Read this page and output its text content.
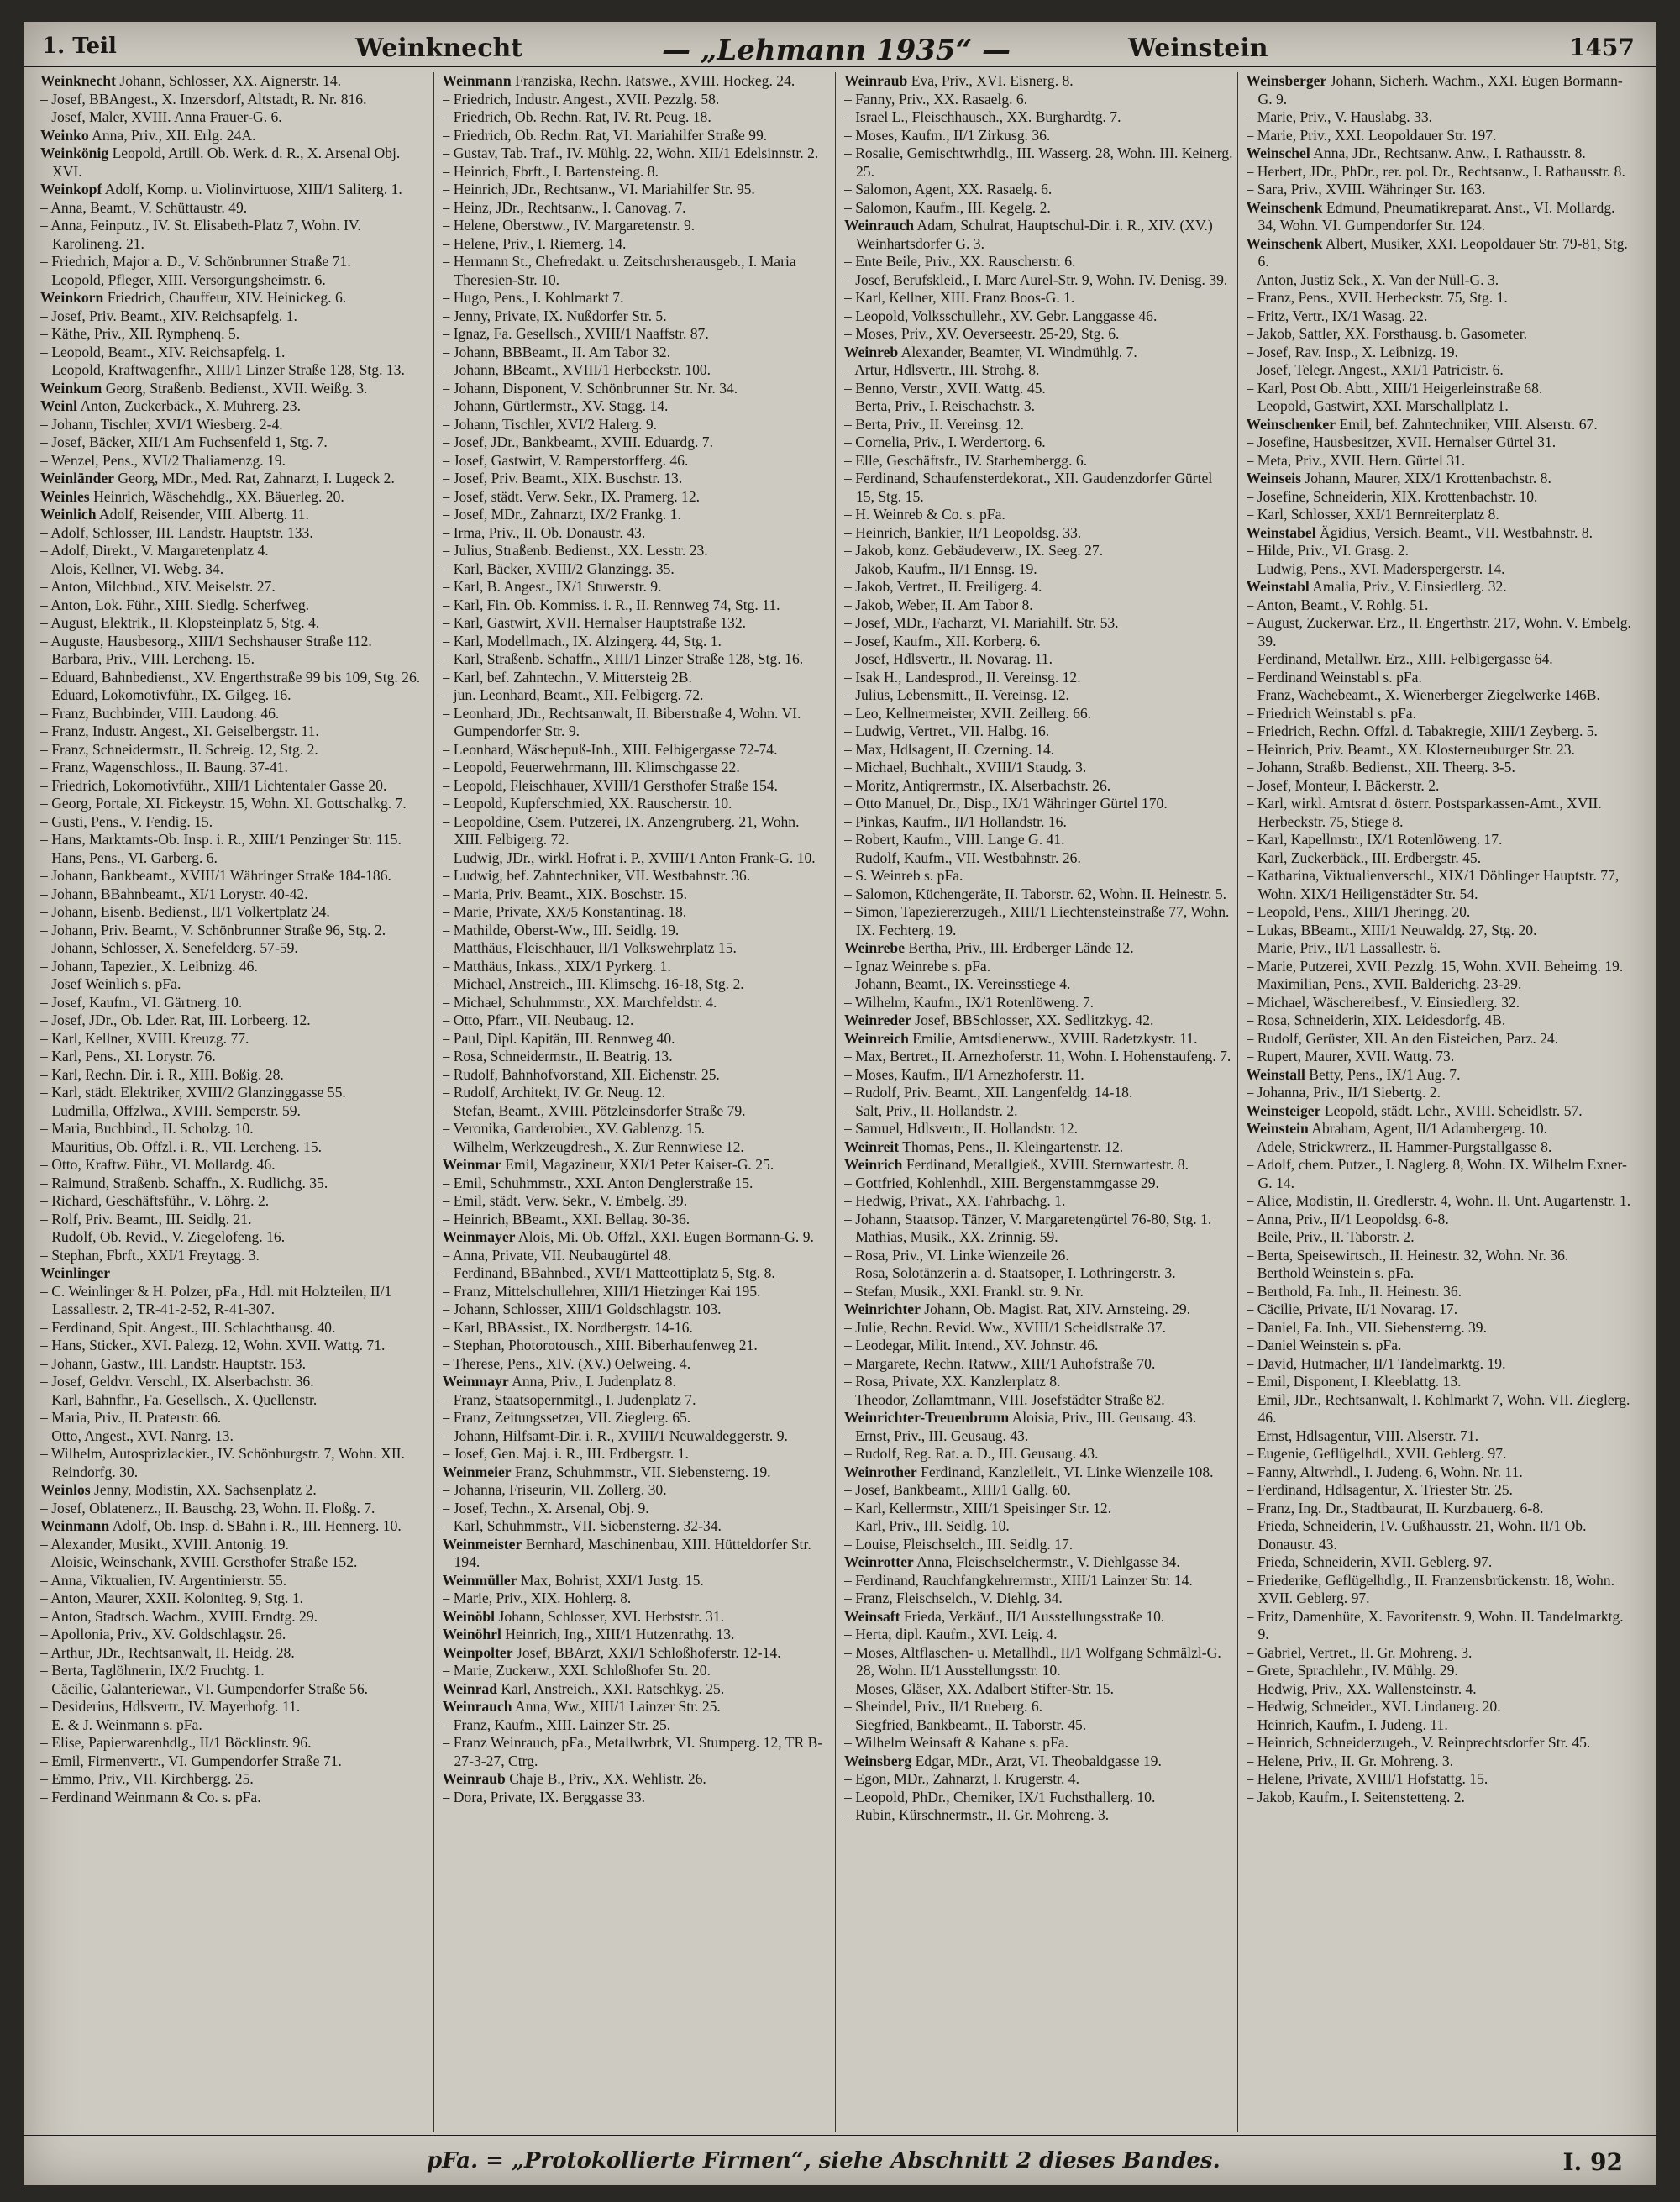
1. Teil	Weinknecht	— „Lehmann 1935“ —	Weinstein	1457

Weinknecht Johann, Schlosser, XX. Aignerstr. 14.

– Josef, BBAngest., X. Inzersdorf, Altstadt, R. Nr. 816.

– Josef, Maler, XVIII. Anna Frauer-G. 6.

Weinko Anna, Priv., XII. Erlg. 24A.

Weinkönig Leopold, Artill. Ob. Werk. d. R., X. Arsenal Obj. XVI.

Weinkopf Adolf, Komp. u. Violinvirtuose, XIII/1 Saliterg. 1.

– Anna, Beamt., V. Schüttaustr. 49.

– Anna, Feinputz., IV. St. Elisabeth-Platz 7, Wohn. IV. Karolineng. 21.

– Friedrich, Major a. D., V. Schönbrunner Straße 71.

– Leopold, Pfleger, XIII. Versorgungsheimstr. 6.

Weinkorn Friedrich, Chauffeur, XIV. Heinickeg. 6.

– Josef, Priv. Beamt., XIV. Reichsapfelg. 1.

– Käthe, Priv., XII. Rymphenq. 5.

– Leopold, Beamt., XIV. Reichsapfelg. 1.

– Leopold, Kraftwagenfhr., XIII/1 Linzer Straße 128, Stg. 13.

Weinkum Georg, Straßenb. Bedienst., XVII. Weißg. 3.

Weinl Anton, Zuckerbäck., X. Muhrerg. 23.

– Johann, Tischler, XVI/1 Wiesberg. 2-4.

– Josef, Bäcker, XII/1 Am Fuchsenfeld 1, Stg. 7.

– Wenzel, Pens., XVI/2 Thaliamenzg. 19.

Weinländer Georg, MDr., Med. Rat, Zahnarzt, I. Lugeck 2.

Weinles Heinrich, Wäschehdlg., XX. Bäuerleg. 20.

Weinlich Adolf, Reisender, VIII. Albertg. 11.

– Adolf, Schlosser, III. Landstr. Hauptstr. 133.

– Adolf, Direkt., V. Margaretenplatz 4.

– Alois, Kellner, VI. Webg. 34.

– Anton, Milchbud., XIV. Meiselstr. 27.

– Anton, Lok. Führ., XIII. Siedlg. Scherfweg.

– August, Elektrik., II. Klopsteinplatz 5, Stg. 4.

– Auguste, Hausbesorg., XIII/1 Sechshauser Straße 112.

– Barbara, Priv., VIII. Lercheng. 15.

– Eduard, Bahnbedienst., XV. Engerthstraße 99 bis 109, Stg. 26.

– Eduard, Lokomotivführ., IX. Gilgeg. 16.

– Franz, Buchbinder, VIII. Laudong. 46.

– Franz, Industr. Angest., XI. Geiselbergstr. 11.

– Franz, Schneidermstr., II. Schreig. 12, Stg. 2.

– Franz, Wagenschloss., II. Baung. 37-41.

– Friedrich, Lokomotivführ., XIII/1 Lichtentaler Gasse 20.

– Georg, Portale, XI. Fickeystr. 15, Wohn. XI. Gottschalkg. 7.

– Gusti, Pens., V. Fendig. 15.

– Hans, Marktamts-Ob. Insp. i. R., XIII/1 Penzinger Str. 115.

– Hans, Pens., VI. Garberg. 6.

– Johann, Bankbeamt., XVIII/1 Währinger Straße 184-186.

– Johann, BBahnbeamt., XI/1 Lorystr. 40-42.

– Johann, Eisenb. Bedienst., II/1 Volkertplatz 24.

– Johann, Priv. Beamt., V. Schönbrunner Straße 96, Stg. 2.

– Johann, Schlosser, X. Senefelderg. 57-59.

– Johann, Tapezier., X. Leibnizg. 46.

– Josef Weinlich s. pFa.

– Josef, Kaufm., VI. Gärtnerg. 10.

– Josef, JDr., Ob. Lder. Rat, III. Lorbeerg. 12.

– Karl, Kellner, XVIII. Kreuzg. 77.

– Karl, Pens., XI. Lorystr. 76.

– Karl, Rechn. Dir. i. R., XIII. Boßig. 28.

– Karl, städt. Elektriker, XVIII/2 Glanzinggasse 55.

– Ludmilla, Offzlwa., XVIII. Semperstr. 59.

– Maria, Buchbind., II. Scholzg. 10.

– Mauritius, Ob. Offzl. i. R., VII. Lercheng. 15.

– Otto, Kraftw. Führ., VI. Mollardg. 46.

– Raimund, Straßenb. Schaffn., X. Rudlichg. 35.

– Richard, Geschäftsführ., V. Löhrg. 2.

– Rolf, Priv. Beamt., III. Seidlg. 21.

– Rudolf, Ob. Revid., V. Ziegelofeng. 16.

– Stephan, Fbrft., XXI/1 Freytagg. 3.

Weinlinger

– C. Weinlinger & H. Polzer, pFa., Hdl. mit Holzteilen, II/1 Lassallestr. 2, TR-41-2-52, R-41-307.

– Ferdinand, Spit. Angest., III. Schlachthausg. 40.

– Hans, Sticker., XVI. Palezg. 12, Wohn. XVII. Wattg. 71.

– Johann, Gastw., III. Landstr. Hauptstr. 153.

– Josef, Geldvr. Verschl., IX. Alserbachstr. 36.

– Karl, Bahnfhr., Fa. Gesellsch., X. Quellenstr.

– Maria, Priv., II. Praterstr. 66.

– Otto, Angest., XVI. Nanrg. 13.

– Wilhelm, Autosprizlackier., IV. Schönburgstr. 7, Wohn. XII. Reindorfg. 30.

Weinlos Jenny, Modistin, XX. Sachsenplatz 2.

– Josef, Oblatenerz., II. Bauschg. 23, Wohn. II. Floßg. 7.

Weinmann Adolf, Ob. Insp. d. SBahn i. R., III. Hennerg. 10.

– Alexander, Musikt., XVIII. Antonig. 19.

– Aloisie, Weinschank, XVIII. Gersthofer Straße 152.

– Anna, Viktualien, IV. Argentinierstr. 55.

– Anton, Maurer, XXII. Koloniteg. 9, Stg. 1.

– Anton, Stadtsch. Wachm., XVIII. Erndtg. 29.

– Apollonia, Priv., XV. Goldschlagstr. 26.

– Arthur, JDr., Rechtsanwalt, II. Heidg. 28.

– Berta, Taglöhnerin, IX/2 Fruchtg. 1.

– Cäcilie, Galanteriewar., VI. Gumpendorfer Straße 56.

– Desiderius, Hdlsvertr., IV. Mayerhofg. 11.

– E. & J. Weinmann s. pFa.

– Elise, Papierwarenhdlg., II/1 Böcklinstr. 96.

– Emil, Firmenvertr., VI. Gumpendorfer Straße 71.

– Emmo, Priv., VII. Kirchbergg. 25.

– Ferdinand Weinmann & Co. s. pFa.

Weinmann Franziska, Rechn. Ratswe., XVIII. Hockeg. 24.

– Friedrich, Industr. Angest., XVII. Pezzlg. 58.

– Friedrich, Ob. Rechn. Rat, IV. Rt. Peug. 18.

– Friedrich, Ob. Rechn. Rat, VI. Mariahilfer Straße 99.

– Gustav, Tab. Traf., IV. Mühlg. 22, Wohn. XII/1 Edelsinnstr. 2.

– Heinrich, Fbrft., I. Bartensteing. 8.

– Heinrich, JDr., Rechtsanw., VI. Mariahilfer Str. 95.

– Heinz, JDr., Rechtsanw., I. Canovag. 7.

– Helene, Oberstww., IV. Margaretenstr. 9.

– Helene, Priv., I. Riemerg. 14.

– Hermann St., Chefredakt. u. Zeitschrsherausgeb., I. Maria Theresien-Str. 10.

– Hugo, Pens., I. Kohlmarkt 7.

– Jenny, Private, IX. Nußdorfer Str. 5.

– Ignaz, Fa. Gesellsch., XVIII/1 Naaffstr. 87.

– Johann, BBBeamt., II. Am Tabor 32.

– Johann, BBeamt., XVIII/1 Herbeckstr. 100.

– Johann, Disponent, V. Schönbrunner Str. Nr. 34.

– Johann, Gürtlermstr., XV. Stagg. 14.

– Johann, Tischler, XVI/2 Halerg. 9.

– Josef, JDr., Bankbeamt., XVIII. Eduardg. 7.

– Josef, Gastwirt, V. Ramperstorfferg. 46.

– Josef, Priv. Beamt., XIX. Buschstr. 13.

– Josef, städt. Verw. Sekr., IX. Pramerg. 12.

– Josef, MDr., Zahnarzt, IX/2 Frankg. 1.

– Irma, Priv., II. Ob. Donaustr. 43.

– Julius, Straßenb. Bedienst., XX. Lesstr. 23.

– Karl, Bäcker, XVIII/2 Glanzingg. 35.

– Karl, B. Angest., IX/1 Stuwerstr. 9.

– Karl, Fin. Ob. Kommiss. i. R., II. Rennweg 74, Stg. 11.

– Karl, Gastwirt, XVII. Hernalser Hauptstraße 132.

– Karl, Modellmach., IX. Alzingerg. 44, Stg. 1.

– Karl, Straßenb. Schaffn., XIII/1 Linzer Straße 128, Stg. 16.

– Karl, bef. Zahntechn., V. Mittersteig 2B.

– jun. Leonhard, Beamt., XII. Felbigerg. 72.

– Leonhard, JDr., Rechtsanwalt, II. Biberstraße 4, Wohn. VI. Gumpendorfer Str. 9.

– Leonhard, Wäschepuß-Inh., XIII. Felbigergasse 72-74.

– Leopold, Feuerwehrmann, III. Klimschgasse 22.

– Leopold, Fleischhauer, XVIII/1 Gersthofer Straße 154.

– Leopold, Kupferschmied, XX. Rauscherstr. 10.

– Leopoldine, Csem. Putzerei, IX. Anzengruberg. 21, Wohn. XIII. Felbigerg. 72.

– Ludwig, JDr., wirkl. Hofrat i. P., XVIII/1 Anton Frank-G. 10.

– Ludwig, bef. Zahntechniker, VII. Westbahnstr. 36.

– Maria, Priv. Beamt., XIX. Boschstr. 15.

– Marie, Private, XX/5 Konstantinag. 18.

– Mathilde, Oberst-Ww., III. Seidlg. 19.

– Matthäus, Fleischhauer, II/1 Volkswehrplatz 15.

– Matthäus, Inkass., XIX/1 Pyrkerg. 1.

– Michael, Anstreich., III. Klimschg. 16-18, Stg. 2.

– Michael, Schuhmmstr., XX. Marchfeldstr. 4.

– Otto, Pfarr., VII. Neubaug. 12.

– Paul, Dipl. Kapitän, III. Rennweg 40.

– Rosa, Schneidermstr., II. Beatrig. 13.

– Rudolf, Bahnhofvorstand, XII. Eichenstr. 25.

– Rudolf, Architekt, IV. Gr. Neug. 12.

– Stefan, Beamt., XVIII. Pötzleinsdorfer Straße 79.

– Veronika, Garderobier., XV. Gablenzg. 15.

– Wilhelm, Werkzeugdresh., X. Zur Rennwiese 12.

Weinmar Emil, Magazineur, XXI/1 Peter Kaiser-G. 25.

– Emil, Schuhmmstr., XXI. Anton Denglerstraße 15.

– Emil, städt. Verw. Sekr., V. Embelg. 39.

– Heinrich, BBeamt., XXI. Bellag. 30-36.

Weinmayer Alois, Mi. Ob. Offzl., XXI. Eugen Bormann-G. 9.

– Anna, Private, VII. Neubaugürtel 48.

– Ferdinand, BBahnbed., XVI/1 Matteottiplatz 5, Stg. 8.

– Franz, Mittelschullehrer, XIII/1 Hietzinger Kai 195.

– Johann, Schlosser, XIII/1 Goldschlagstr. 103.

– Karl, BBAssist., IX. Nordbergstr. 14-16.

– Stephan, Photorotousch., XIII. Biberhaufenweg 21.

– Therese, Pens., XIV. (XV.) Oelweing. 4.

Weinmayr Anna, Priv., I. Judenplatz 8.

– Franz, Staatsopernmitgl., I. Judenplatz 7.

– Franz, Zeitungssetzer, VII. Zieglerg. 65.

– Johann, Hilfsamt-Dir. i. R., XVIII/1 Neuwaldeggerstr. 9.

– Josef, Gen. Maj. i. R., III. Erdbergstr. 1.

Weinmeier Franz, Schuhmmstr., VII. Siebensterng. 19.

– Johanna, Friseurin, VII. Zollerg. 30.

– Josef, Techn., X. Arsenal, Obj. 9.

– Karl, Schuhmmstr., VII. Siebensterng. 32-34.

Weinmeister Bernhard, Maschinenbau, XIII. Hütteldorfer Str. 194.

Weinmüller Max, Bohrist, XXI/1 Justg. 15.

– Marie, Priv., XIX. Hohlerg. 8.

Weinöbl Johann, Schlosser, XVI. Herbststr. 31.

Weinöhrl Heinrich, Ing., XIII/1 Hutzenrathg. 13.

Weinpolter Josef, BBArzt, XXI/1 Schloßhoferstr. 12-14.

– Marie, Zuckerw., XXI. Schloßhofer Str. 20.

Weinrad Karl, Anstreich., XXI. Ratschkyg. 25.

Weinrauch Anna, Ww., XIII/1 Lainzer Str. 25.

– Franz, Kaufm., XIII. Lainzer Str. 25.

– Franz Weinrauch, pFa., Metallwrbrk, VI. Stumperg. 12, TR B-27-3-27, Ctrg.

Weinraub Chaje B., Priv., XX. Wehlistr. 26.

– Dora, Private, IX. Berggasse 33.

Weinraub Eva, Priv., XVI. Eisnerg. 8.

– Fanny, Priv., XX. Rasaelg. 6.

– Israel L., Fleischhausch., XX. Burghardtg. 7.

– Moses, Kaufm., II/1 Zirkusg. 36.

– Rosalie, Gemischtwrhdlg., III. Wasserg. 28, Wohn. III. Keinerg. 25.

– Salomon, Agent, XX. Rasaelg. 6.

– Salomon, Kaufm., III. Kegelg. 2.

Weinrauch Adam, Schulrat, Hauptschul-Dir. i. R., XIV. (XV.) Weinhartsdorfer G. 3.

– Ente Beile, Priv., XX. Rauscherstr. 6.

– Josef, Berufskleid., I. Marc Aurel-Str. 9, Wohn. IV. Denisg. 39.

– Karl, Kellner, XIII. Franz Boos-G. 1.

– Leopold, Volksschullehr., XV. Gebr. Langgasse 46.

– Moses, Priv., XV. Oeverseestr. 25-29, Stg. 6.

Weinreb Alexander, Beamter, VI. Windmühlg. 7.

– Artur, Hdlsvertr., III. Strohg. 8.

– Benno, Verstr., XVII. Wattg. 45.

– Berta, Priv., I. Reischachstr. 3.

– Berta, Priv., II. Vereinsg. 12.

– Cornelia, Priv., I. Werdertorg. 6.

– Elle, Geschäftsfr., IV. Starhembergg. 6.

– Ferdinand, Schaufensterdekorat., XII. Gaudenzdorfer Gürtel 15, Stg. 15.

– H. Weinreb & Co. s. pFa.

– Heinrich, Bankier, II/1 Leopoldsg. 33.

– Jakob, konz. Gebäudeverw., IX. Seeg. 27.

– Jakob, Kaufm., II/1 Ennsg. 19.

– Jakob, Vertret., II. Freiligerg. 4.

– Jakob, Weber, II. Am Tabor 8.

– Josef, MDr., Facharzt, VI. Mariahilf. Str. 53.

– Josef, Kaufm., XII. Korberg. 6.

– Josef, Hdlsvertr., II. Novarag. 11.

– Isak H., Landesprod., II. Vereinsg. 12.

– Julius, Lebensmitt., II. Vereinsg. 12.

– Leo, Kellnermeister, XVII. Zeillerg. 66.

– Ludwig, Vertret., VII. Halbg. 16.

– Max, Hdlsagent, II. Czerning. 14.

– Michael, Buchhalt., XVIII/1 Staudg. 3.

– Moritz, Antiqrermstr., IX. Alserbachstr. 26.

– Otto Manuel, Dr., Disp., IX/1 Währinger Gürtel 170.

– Pinkas, Kaufm., II/1 Hollandstr. 16.

– Robert, Kaufm., VIII. Lange G. 41.

– Rudolf, Kaufm., VII. Westbahnstr. 26.

– S. Weinreb s. pFa.

– Salomon, Küchengeräte, II. Taborstr. 62, Wohn. II. Heinestr. 5.

– Simon, Tapeziererzugeh., XIII/1 Liechtensteinstraße 77, Wohn. IX. Fechterg. 19.

Weinrebe Bertha, Priv., III. Erdberger Lände 12.

– Ignaz Weinrebe s. pFa.

– Johann, Beamt., IX. Vereinsstiege 4.

– Wilhelm, Kaufm., IX/1 Rotenlöweng. 7.

Weinreder Josef, BBSchlosser, XX. Sedlitzkyg. 42.

Weinreich Emilie, Amtsdienerww., XVIII. Radetzkystr. 11.

– Max, Bertret., II. Arnezhoferstr. 11, Wohn. I. Hohenstaufeng. 7.

– Moses, Kaufm., II/1 Arnezhoferstr. 11.

– Rudolf, Priv. Beamt., XII. Langenfeldg. 14-18.

– Salt, Priv., II. Hollandstr. 2.

– Samuel, Hdlsvertr., II. Hollandstr. 12.

Weinreit Thomas, Pens., II. Kleingartenstr. 12.

Weinrich Ferdinand, Metallgieß., XVIII. Sternwartestr. 8.

– Gottfried, Kohlenhdl., XIII. Bergenstammgasse 29.

– Hedwig, Privat., XX. Fahrbachg. 1.

– Johann, Staatsop. Tänzer, V. Margaretengürtel 76-80, Stg. 1.

– Mathias, Musik., XX. Zrinnig. 59.

– Rosa, Priv., VI. Linke Wienzeile 26.

– Rosa, Solotänzerin a. d. Staatsoper, I. Lothringerstr. 3.

– Stefan, Musik., XXI. Frankl. str. 9. Nr.

Weinrichter Johann, Ob. Magist. Rat, XIV. Arnsteing. 29.

– Julie, Rechn. Revid. Ww., XVIII/1 Scheidlstraße 37.

– Leodegar, Milit. Intend., XV. Johnstr. 46.

– Margarete, Rechn. Ratww., XIII/1 Auhofstraße 70.

– Rosa, Private, XX. Kanzlerplatz 8.

– Theodor, Zollamtmann, VIII. Josefstädter Straße 82.

Weinrichter-Treuenbrunn Aloisia, Priv., III. Geusaug. 43.

– Ernst, Priv., III. Geusaug. 43.

– Rudolf, Reg. Rat. a. D., III. Geusaug. 43.

Weinrother Ferdinand, Kanzleileit., VI. Linke Wienzeile 108.

– Josef, Bankbeamt., XIII/1 Gallg. 60.

– Karl, Kellermstr., XIII/1 Speisinger Str. 12.

– Karl, Priv., III. Seidlg. 10.

– Louise, Fleischselch., III. Seidlg. 17.

Weinrotter Anna, Fleischselchermstr., V. Diehlgasse 34.

– Ferdinand, Rauchfangkehrermstr., XIII/1 Lainzer Str. 14.

– Franz, Fleischselch., V. Diehlg. 34.

Weinsaft Frieda, Verkäuf., II/1 Ausstellungsstraße 10.

– Herta, dipl. Kaufm., XVI. Leig. 4.

– Moses, Altflaschen- u. Metallhdl., II/1 Wolfgang Schmälzl-G. 28, Wohn. II/1 Ausstellungsstr. 10.

– Moses, Gläser, XX. Adalbert Stifter-Str. 15.

– Sheindel, Priv., II/1 Rueberg. 6.

– Siegfried, Bankbeamt., II. Taborstr. 45.

– Wilhelm Weinsaft & Kahane s. pFa.

Weinsberg Edgar, MDr., Arzt, VI. Theobaldgasse 19.

– Egon, MDr., Zahnarzt, I. Krugerstr. 4.

– Leopold, PhDr., Chemiker, IX/1 Fuchsthallerg. 10.

– Rubin, Kürschnermstr., II. Gr. Mohreng. 3.

Weinsberger Johann, Sicherh. Wachm., XXI. Eugen Bormann-G. 9.

– Marie, Priv., V. Hauslabg. 33.

– Marie, Priv., XXI. Leopoldauer Str. 197.

Weinschel Anna, JDr., Rechtsanw. Anw., I. Rathausstr. 8.

– Herbert, JDr., PhDr., rer. pol. Dr., Rechtsanw., I. Rathausstr. 8.

– Sara, Priv., XVIII. Währinger Str. 163.

Weinschenk Edmund, Pneumatikreparat. Anst., VI. Mollardg. 34, Wohn. VI. Gumpendorfer Str. 124.

Weinschenk Albert, Musiker, XXI. Leopoldauer Str. 79-81, Stg. 6.

– Anton, Justiz Sek., X. Van der Nüll-G. 3.

– Franz, Pens., XVII. Herbeckstr. 75, Stg. 1.

– Fritz, Vertr., IX/1 Wasag. 22.

– Jakob, Sattler, XX. Forsthausg. b. Gasometer.

– Josef, Rav. Insp., X. Leibnizg. 19.

– Josef, Telegr. Angest., XXI/1 Patricistr. 6.

– Karl, Post Ob. Abtt., XIII/1 Heigerleinstraße 68.

– Leopold, Gastwirt, XXI. Marschallplatz 1.

Weinschenker Emil, bef. Zahntechniker, VIII. Alserstr. 67.

– Josefine, Hausbesitzer, XVII. Hernalser Gürtel 31.

– Meta, Priv., XVII. Hern. Gürtel 31.

Weinseis Johann, Maurer, XIX/1 Krottenbachstr. 8.

– Josefine, Schneiderin, XIX. Krottenbachstr. 10.

– Karl, Schlosser, XXI/1 Bernreiterplatz 8.

Weinstabel Ägidius, Versich. Beamt., VII. Westbahnstr. 8.

– Hilde, Priv., VI. Grasg. 2.

– Ludwig, Pens., XVI. Maderspergerstr. 14.

Weinstabl Amalia, Priv., V. Einsiedlerg. 32.

– Anton, Beamt., V. Rohlg. 51.

– August, Zuckerwar. Erz., II. Engerthstr. 217, Wohn. V. Embelg. 39.

– Ferdinand, Metallwr. Erz., XIII. Felbigergasse 64.

– Ferdinand Weinstabl s. pFa.

– Franz, Wachebeamt., X. Wienerberger Ziegelwerke 146B.

– Friedrich Weinstabl s. pFa.

– Friedrich, Rechn. Offzl. d. Tabakregie, XIII/1 Zeyberg. 5.

– Heinrich, Priv. Beamt., XX. Klosterneuburger Str. 23.

– Johann, Straßb. Bedienst., XII. Theerg. 3-5.

– Josef, Monteur, I. Bäckerstr. 2.

– Karl, wirkl. Amtsrat d. österr. Postsparkassen-Amt., XVII. Herbeckstr. 75, Stiege 8.

– Karl, Kapellmstr., IX/1 Rotenlöweng. 17.

– Karl, Zuckerbäck., III. Erdbergstr. 45.

– Katharina, Viktualienverschl., XIX/1 Döblinger Hauptstr. 77, Wohn. XIX/1 Heiligenstädter Str. 54.

– Leopold, Pens., XIII/1 Jheringg. 20.

– Lukas, BBeamt., XIII/1 Neuwaldg. 27, Stg. 20.

– Marie, Priv., II/1 Lassallestr. 6.

– Marie, Putzerei, XVII. Pezzlg. 15, Wohn. XVII. Beheimg. 19.

– Maximilian, Pens., XVII. Balderichg. 23-29.

– Michael, Wäschereibesf., V. Einsiedlerg. 32.

– Rosa, Schneiderin, XIX. Leidesdorfg. 4B.

– Rudolf, Gerüster, XII. An den Eisteichen, Parz. 24.

– Rupert, Maurer, XVII. Wattg. 73.

Weinstall Betty, Pens., IX/1 Aug. 7.

– Johanna, Priv., II/1 Siebertg. 2.

Weinsteiger Leopold, städt. Lehr., XVIII. Scheidlstr. 57.

Weinstein Abraham, Agent, II/1 Adambergerg. 10.

– Adele, Strickwrerz., II. Hammer-Purgstallgasse 8.

– Adolf, chem. Putzer., I. Naglerg. 8, Wohn. IX. Wilhelm Exner-G. 14.

– Alice, Modistin, II. Gredlerstr. 4, Wohn. II. Unt. Augartenstr. 1.

– Anna, Priv., II/1 Leopoldsg. 6-8.

– Beile, Priv., II. Taborstr. 2.

– Berta, Speisewirtsch., II. Heinestr. 32, Wohn. Nr. 36.

– Berthold Weinstein s. pFa.

– Berthold, Fa. Inh., II. Heinestr. 36.

– Cäcilie, Private, II/1 Novarag. 17.

– Daniel, Fa. Inh., VII. Siebensterng. 39.

– Daniel Weinstein s. pFa.

– David, Hutmacher, II/1 Tandelmarktg. 19.

– Emil, Disponent, I. Kleeblattg. 13.

– Emil, JDr., Rechtsanwalt, I. Kohlmarkt 7, Wohn. VII. Zieglerg. 46.

– Ernst, Hdlsagentur, VIII. Alserstr. 71.

– Eugenie, Geflügelhdl., XVII. Geblerg. 97.

– Fanny, Altwrhdl., I. Judeng. 6, Wohn. Nr. 11.

– Ferdinand, Hdlsagentur, X. Triester Str. 25.

– Franz, Ing. Dr., Stadtbaurat, II. Kurzbauerg. 6-8.

– Frieda, Schneiderin, IV. Gußhausstr. 21, Wohn. II/1 Ob. Donaustr. 43.

– Frieda, Schneiderin, XVII. Geblerg. 97.

– Friederike, Geflügelhdlg., II. Franzensbrückenstr. 18, Wohn. XVII. Geblerg. 97.

– Fritz, Damenhüte, X. Favoritenstr. 9, Wohn. II. Tandelmarktg. 9.

– Gabriel, Vertret., II. Gr. Mohreng. 3.

– Grete, Sprachlehr., IV. Mühlg. 29.

– Hedwig, Priv., XX. Wallensteinstr. 4.

– Hedwig, Schneider., XVI. Lindauerg. 20.

– Heinrich, Kaufm., I. Judeng. 11.

– Heinrich, Schneiderzugeh., V. Reinprechtsdorfer Str. 45.

– Helene, Priv., II. Gr. Mohreng. 3.

– Helene, Private, XVIII/1 Hofstattg. 15.

– Jakob, Kaufm., I. Seitenstetteng. 2.

pFa. = „Protokollierte Firmen“, siehe Abschnitt 2 dieses Bandes.	I. 92
